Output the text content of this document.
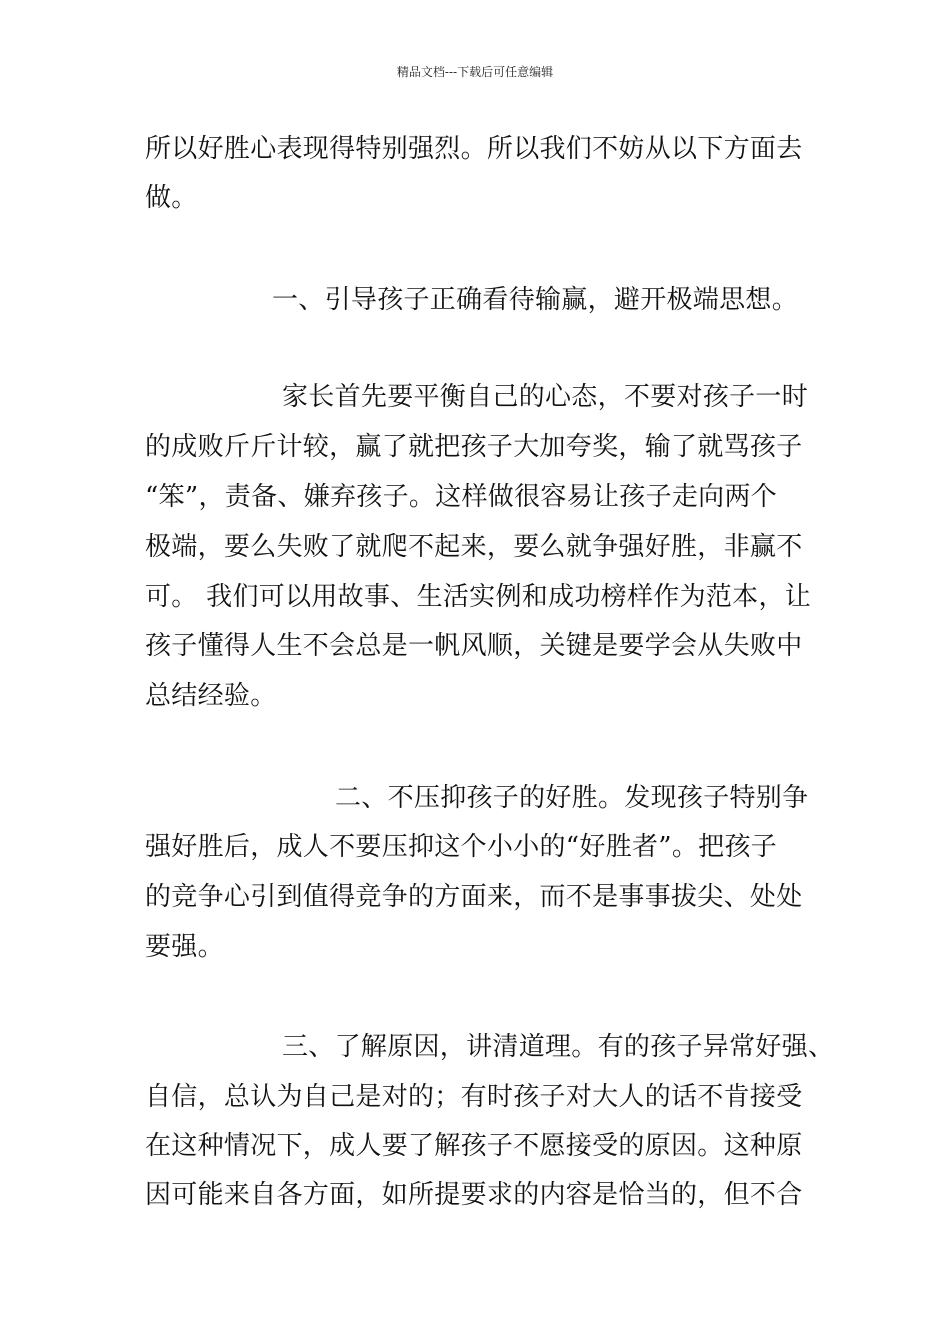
精品文档---下载后可任意编辑
所以好胜心表现得特别强烈。所以我们不妨从以下方面去
做。
一、引导孩子正确看待输赢，避开极端思想。
家长首先要平衡自己的心态，不要对孩子一时
的成败斤斤计较，赢了就把孩子大加夸奖，输了就骂孩子
“笨”，责备、嫌弃孩子。这样做很容易让孩子走向两个
极端，要么失败了就爬不起来，要么就争强好胜，非赢不
可。 我们可以用故事、生活实例和成功榜样作为范本，让
孩子懂得人生不会总是一帆风顺，关键是要学会从失败中
总结经验。
二、不压抑孩子的好胜。发现孩子特别争
强好胜后，成人不要压抑这个小小的“好胜者”。把孩子
的竞争心引到值得竞争的方面来，而不是事事拔尖、处处
要强。
三、了解原因，讲清道理。有的孩子异常好强、
自信，总认为自己是对的；有时孩子对大人的话不肯接受
在这种情况下，成人要了解孩子不愿接受的原因。这种原
因可能来自各方面，如所提要求的内容是恰当的，但不合
